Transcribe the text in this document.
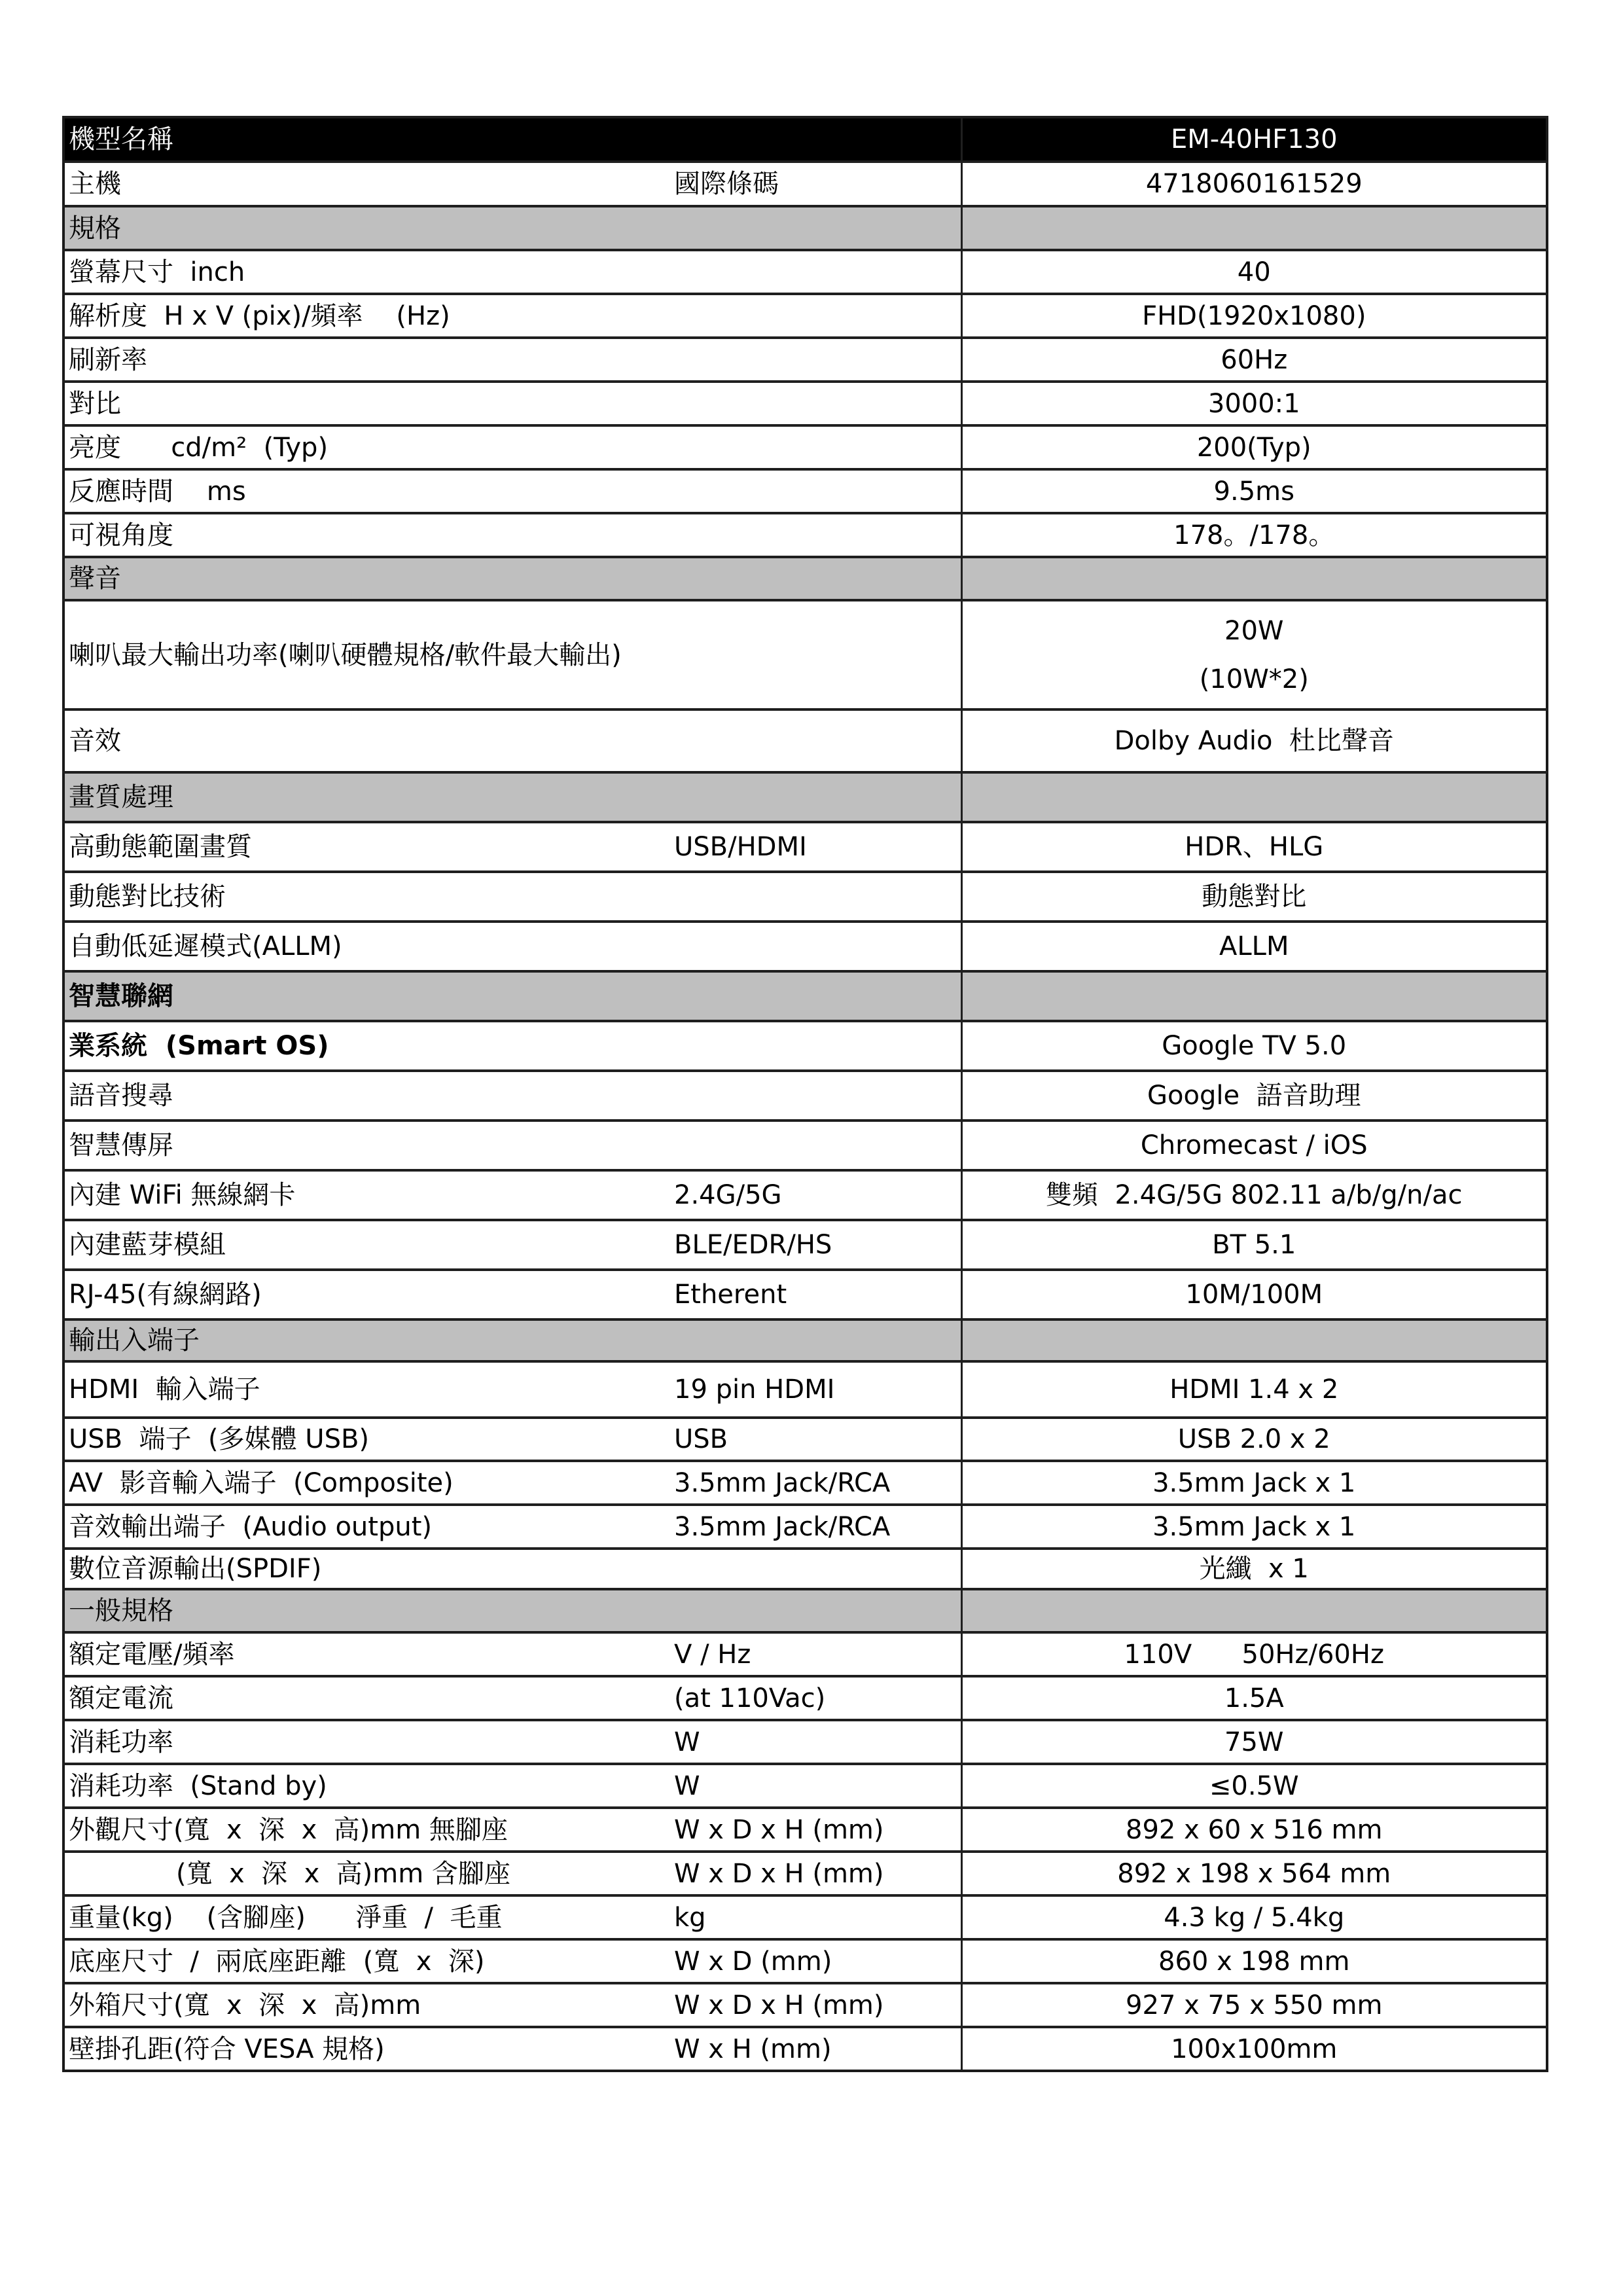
機型名稱		EM-40HF130
主機	國際條碼	4718060161529
規格		
螢幕尺寸  inch		40
解析度  H x V (pix)/頻率    (Hz)		FHD(1920x1080)
刷新率		60Hz
對比		3000:1
亮度      cd/m²  (Typ)		200(Typ)
反應時間    ms		9.5ms
可視角度		178。/178。
聲音		
喇叭最大輸出功率(喇叭硬體規格/軟件最大輸出)		20W
(10W*2)

音效		Dolby Audio  杜比聲音
畫質處理		
高動態範圍畫質	USB/HDMI	HDR、HLG
動態對比技術		動態對比
自動低延遲模式(ALLM)		ALLM
智慧聯網		
業系統  (Smart OS)		Google TV 5.0
語音搜尋		Google  語音助理
智慧傳屏		Chromecast / iOS
內建 WiFi 無線網卡	2.4G/5G	雙頻  2.4G/5G 802.11 a/b/g/n/ac
內建藍芽模組	BLE/EDR/HS	BT 5.1
RJ-45(有線網路)	Etherent	10M/100M
輸出入端子		
HDMI  輸入端子	19 pin HDMI	HDMI 1.4 x 2
USB  端子  (多媒體 USB)	USB	USB 2.0 x 2
AV  影音輸入端子  (Composite)	3.5mm Jack/RCA	3.5mm Jack x 1
音效輸出端子  (Audio output)	3.5mm Jack/RCA	3.5mm Jack x 1
數位音源輸出(SPDIF)		光纖  x 1
一般規格		
額定電壓/頻率	V / Hz	110V      50Hz/60Hz
額定電流	(at 110Vac)	1.5A
消耗功率	W	75W
消耗功率  (Stand by)	W	≤0.5W
外觀尺寸(寬  x  深  x  高)mm 無腳座	W x D x H (mm)	892 x 60 x 516 mm
(寬  x  深  x  高)mm 含腳座	W x D x H (mm)	892 x 198 x 564 mm
重量(kg)    (含腳座)      淨重  /  毛重	kg	4.3 kg / 5.4kg
底座尺寸  /  兩底座距離  (寬  x  深)	W x D (mm)	860 x 198 mm
外箱尺寸(寬  x  深  x  高)mm	W x D x H (mm)	927 x 75 x 550 mm
壁掛孔距(符合 VESA 規格)	W x H (mm)	100x100mm
